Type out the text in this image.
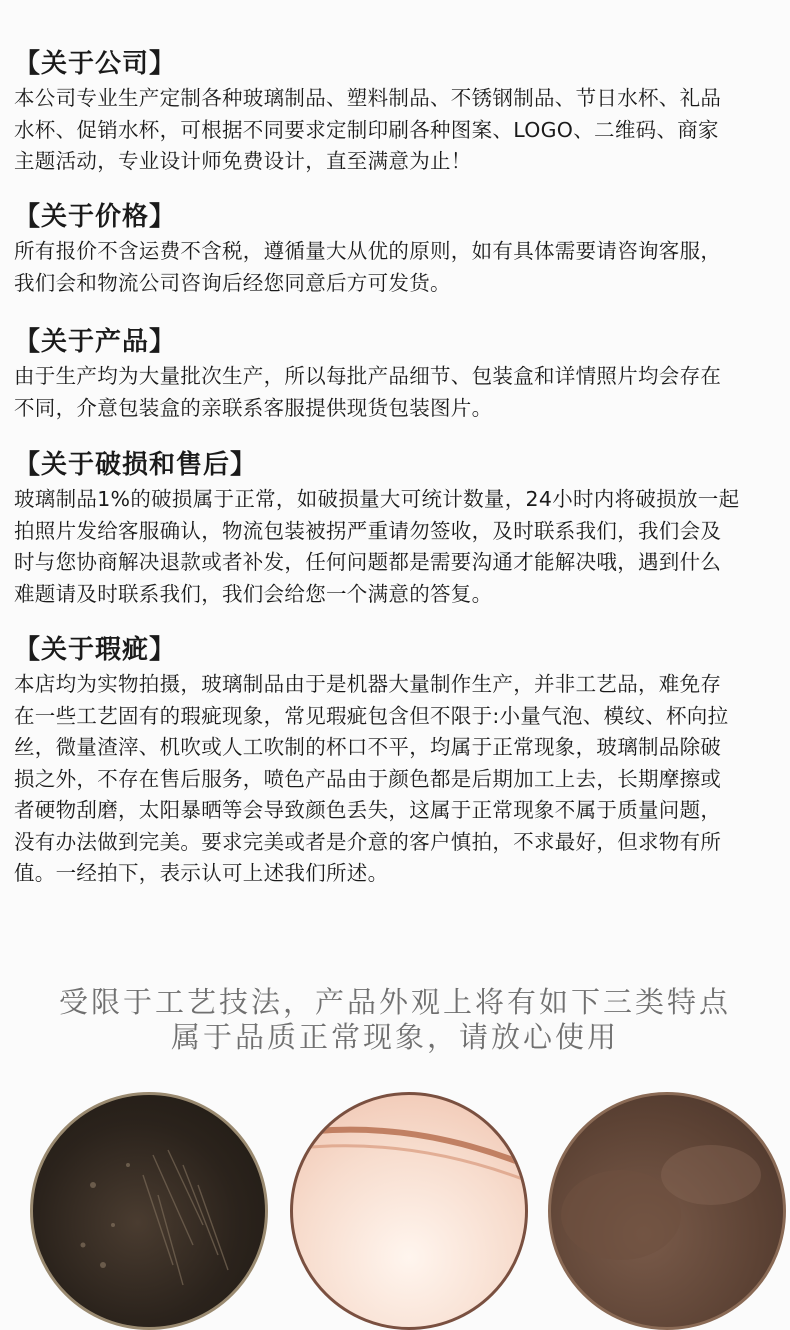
【关于公司】

本公司专业生产定制各种玻璃制品、塑料制品、不锈钢制品、节日水杯、礼品

水杯、促销水杯，可根据不同要求定制印刷各种图案、LOGO、二维码、商家

主题活动，专业设计师免费设计，直至满意为止！

【关于价格】

所有报价不含运费不含税，遵循量大从优的原则，如有具体需要请咨询客服，

我们会和物流公司咨询后经您同意后方可发货。

【关于产品】

由于生产均为大量批次生产，所以每批产品细节、包装盒和详情照片均会存在

不同，介意包装盒的亲联系客服提供现货包装图片。

【关于破损和售后】

玻璃制品1%的破损属于正常，如破损量大可统计数量，24小时内将破损放一起

拍照片发给客服确认，物流包装被拐严重请勿签收，及时联系我们，我们会及

时与您协商解决退款或者补发，任何问题都是需要沟通才能解决哦，遇到什么

难题请及时联系我们，我们会给您一个满意的答复。

【关于瑕疵】

本店均为实物拍摄，玻璃制品由于是机器大量制作生产，并非工艺品，难免存

在一些工艺固有的瑕疵现象，常见瑕疵包含但不限于:小量气泡、模纹、杯向拉

丝，微量渣滓、机吹或人工吹制的杯口不平，均属于正常现象，玻璃制品除破

损之外，不存在售后服务，喷色产品由于颜色都是后期加工上去，长期摩擦或

者硬物刮磨，太阳暴晒等会导致颜色丢失，这属于正常现象不属于质量问题，

没有办法做到完美。要求完美或者是介意的客户慎拍，不求最好，但求物有所

值。一经拍下，表示认可上述我们所述。

受限于工艺技法，产品外观上将有如下三类特点
属于品质正常现象，请放心使用
